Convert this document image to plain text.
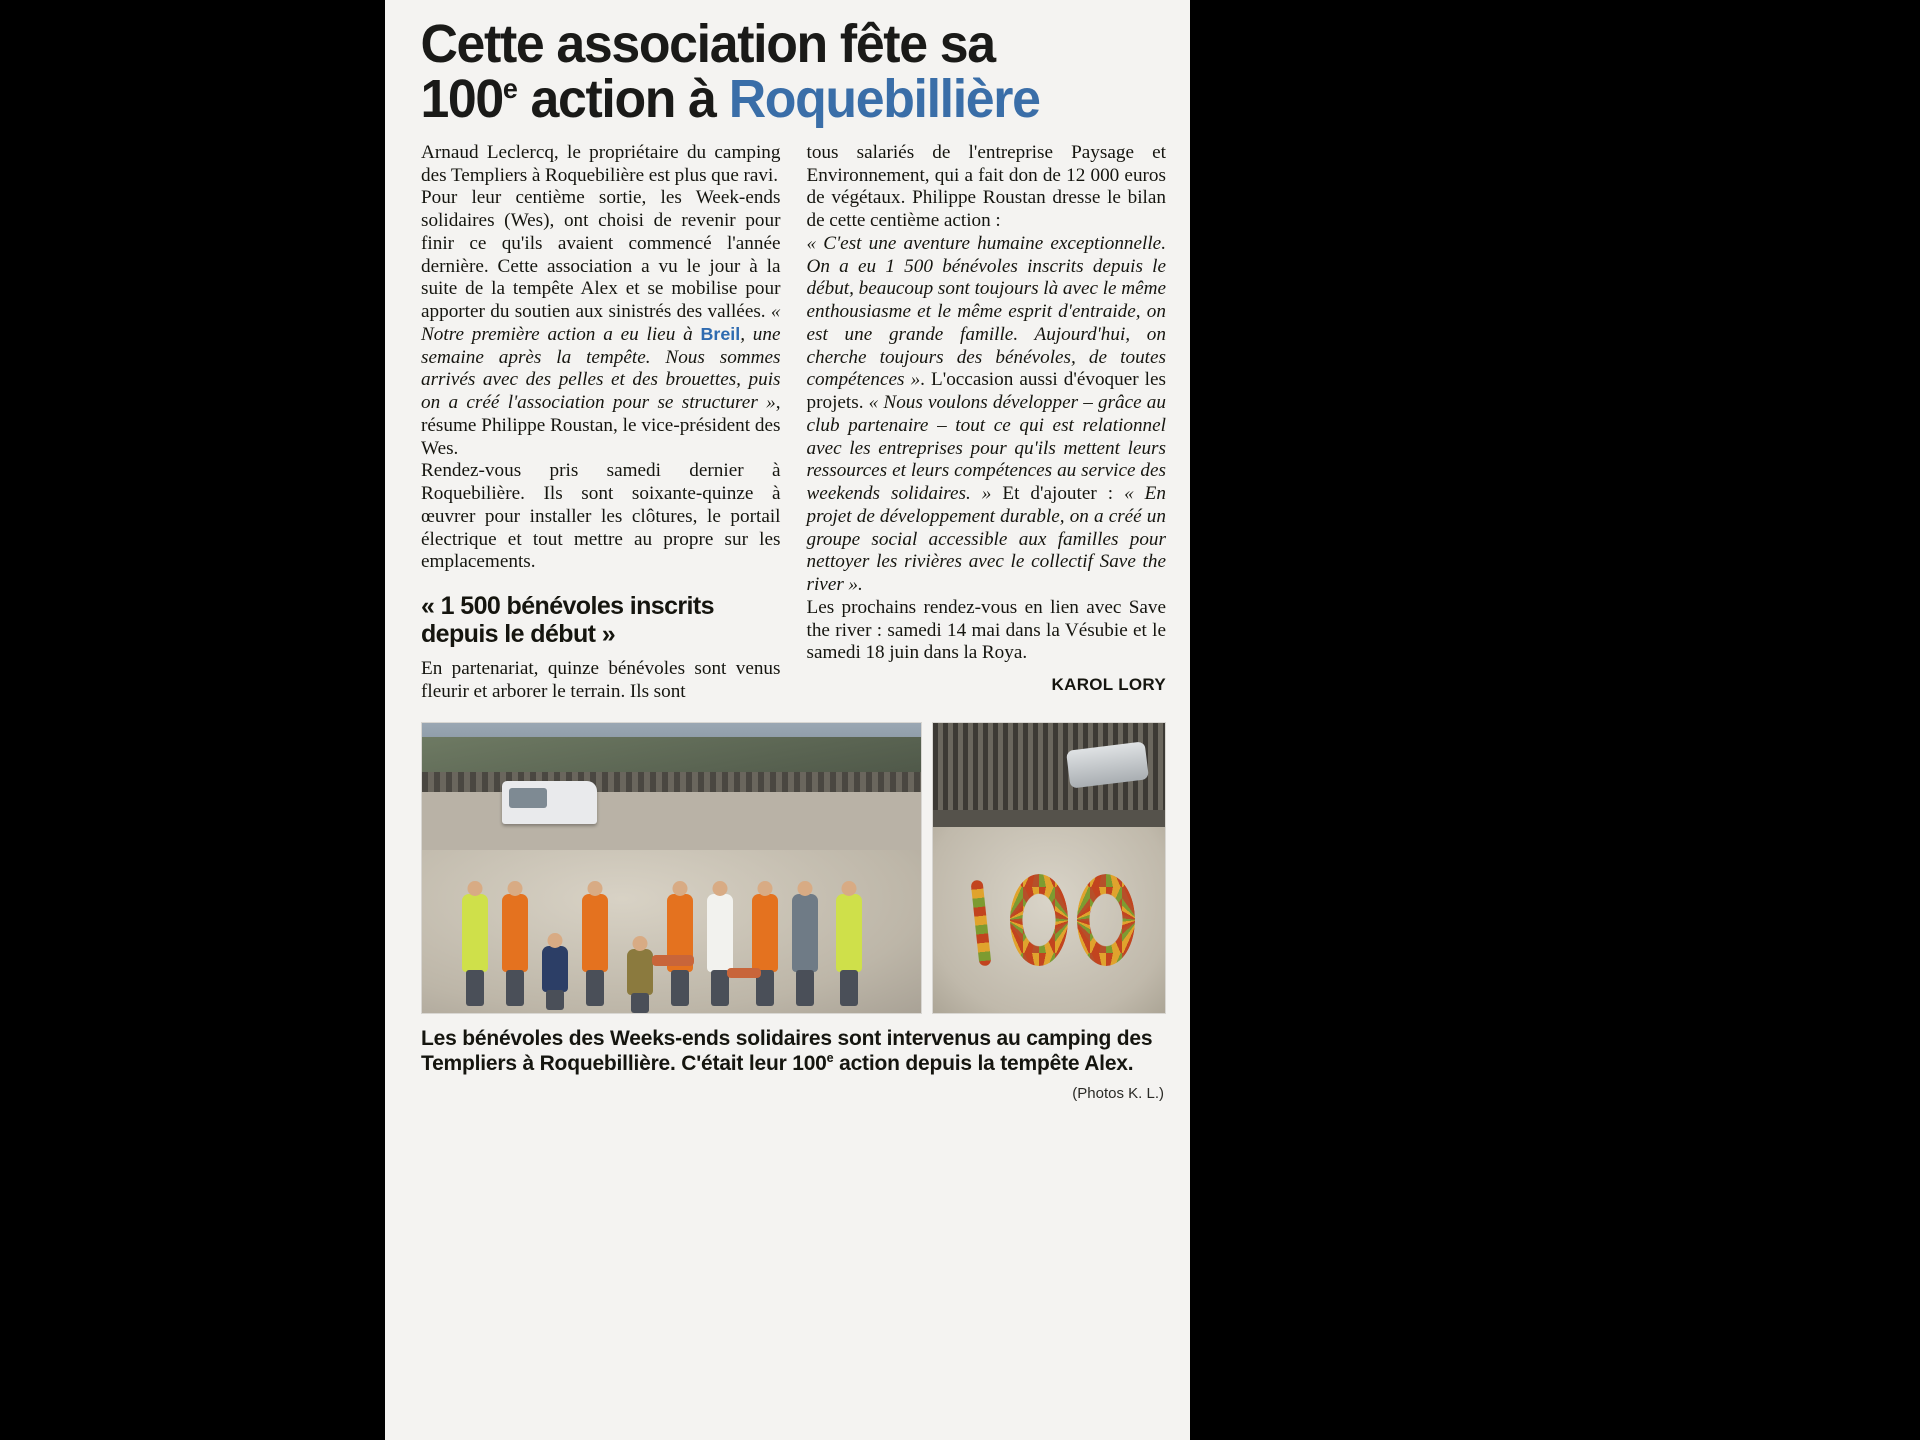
Cette association fête sa
100e action à Roquebillière

Arnaud Leclercq, le propriétaire du camping des Templiers à Roquebilière est plus que ravi.

Pour leur centième sortie, les Week-ends solidaires (Wes), ont choisi de revenir pour finir ce qu'ils avaient commencé l'année dernière. Cette association a vu le jour à la suite de la tempête Alex et se mobilise pour apporter du soutien aux sinistrés des vallées. « Notre première action a eu lieu à Breil, une semaine après la tempête. Nous sommes arrivés avec des pelles et des brouettes, puis on a créé l'association pour se structurer », résume Philippe Roustan, le vice-président des Wes.

Rendez-vous pris samedi dernier à Roquebilière. Ils sont soixante-quinze à œuvrer pour installer les clôtures, le portail électrique et tout mettre au propre sur les emplacements.

« 1 500 bénévoles inscrits
depuis le début »

En partenariat, quinze bénévoles sont venus fleurir et arborer le terrain. Ils sont

tous salariés de l'entreprise Paysage et Environnement, qui a fait don de 12 000 euros de végétaux. Philippe Roustan dresse le bilan de cette centième action :

« C'est une aventure humaine exceptionnelle. On a eu 1 500 bénévoles inscrits depuis le début, beaucoup sont toujours là avec le même enthousiasme et le même esprit d'entraide, on est une grande famille. Aujourd'hui, on cherche toujours des bénévoles, de toutes compétences ». L'occasion aussi d'évoquer les projets. « Nous voulons développer – grâce au club partenaire – tout ce qui est relationnel avec les entreprises pour qu'ils mettent leurs ressources et leurs compétences au service des weekends solidaires. » Et d'ajouter : « En projet de développement durable, on a créé un groupe social accessible aux familles pour nettoyer les rivières avec le collectif Save the river ».

Les prochains rendez-vous en lien avec Save the river : samedi 14 mai dans la Vésubie et le samedi 18 juin dans la Roya.

KAROL LORY
Les bénévoles des Weeks-ends solidaires sont intervenus au camping des Templiers à Roquebillière. C'était leur 100e action depuis la tempête Alex.
(Photos K. L.)
